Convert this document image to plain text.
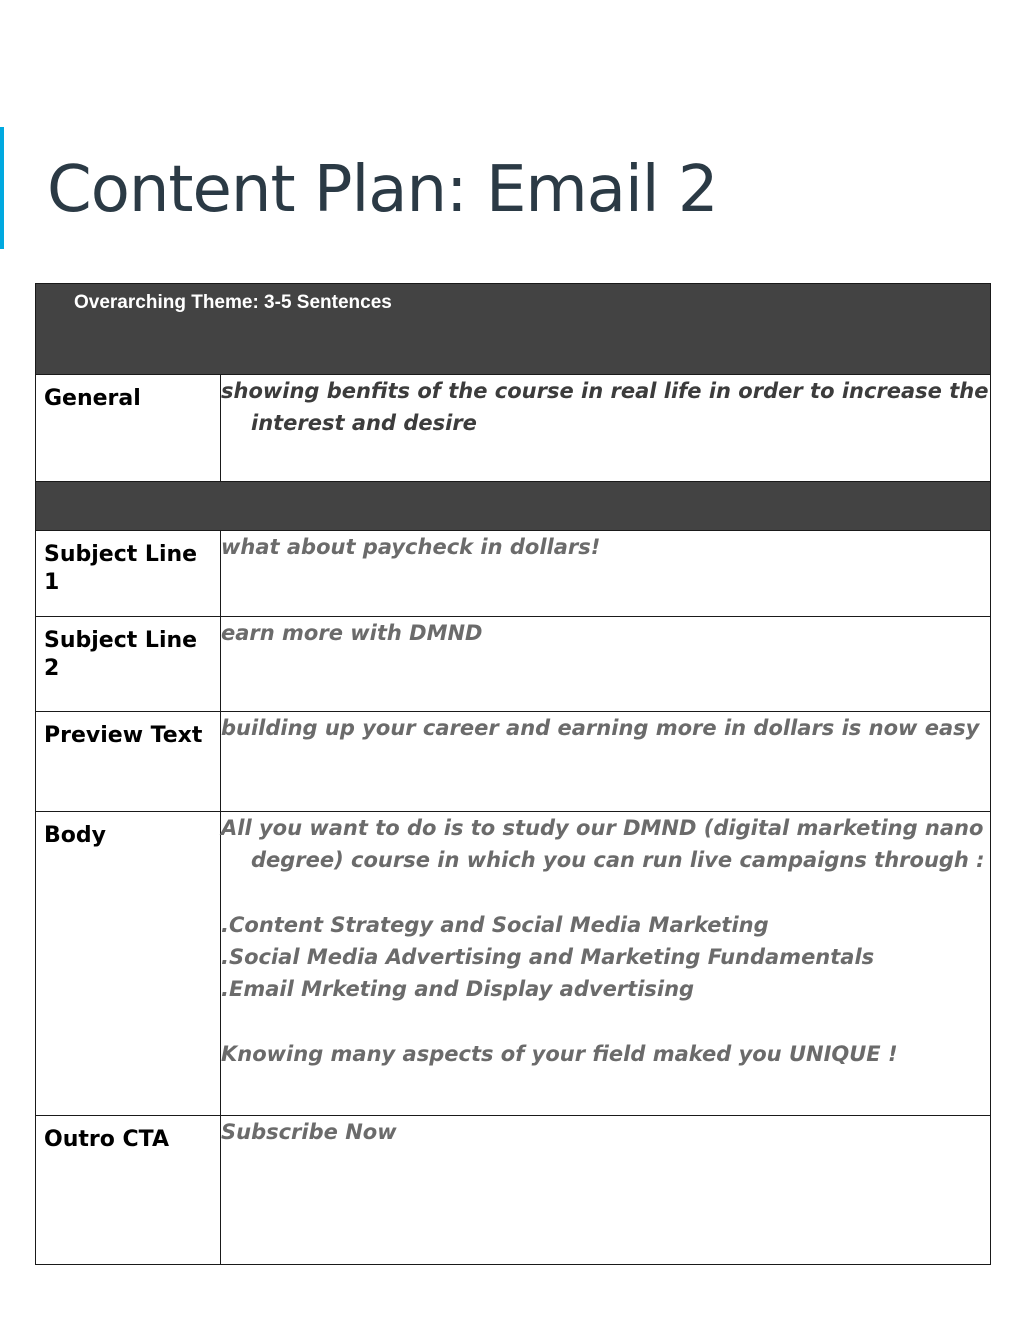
Content Plan: Email 2
Overarching Theme: 3-5 Sentences	

General	showing benfits of the course in real life in order to increase the interest and desire

Subject Line 1	what about paycheck in dollars!

Subject Line 2	earn more with DMND

Preview Text	building up your career and earning more in dollars is now easy

Body	All you want to do is to study our DMND (digital marketing nano degree) course in which you can run live campaigns through :
.Content Strategy and Social Media Marketing
.Social Media Advertising and Marketing Fundamentals
.Email Mrketing and Display advertising
Knowing many aspects of your field maked you UNIQUE !

Outro CTA	Subscribe Now
